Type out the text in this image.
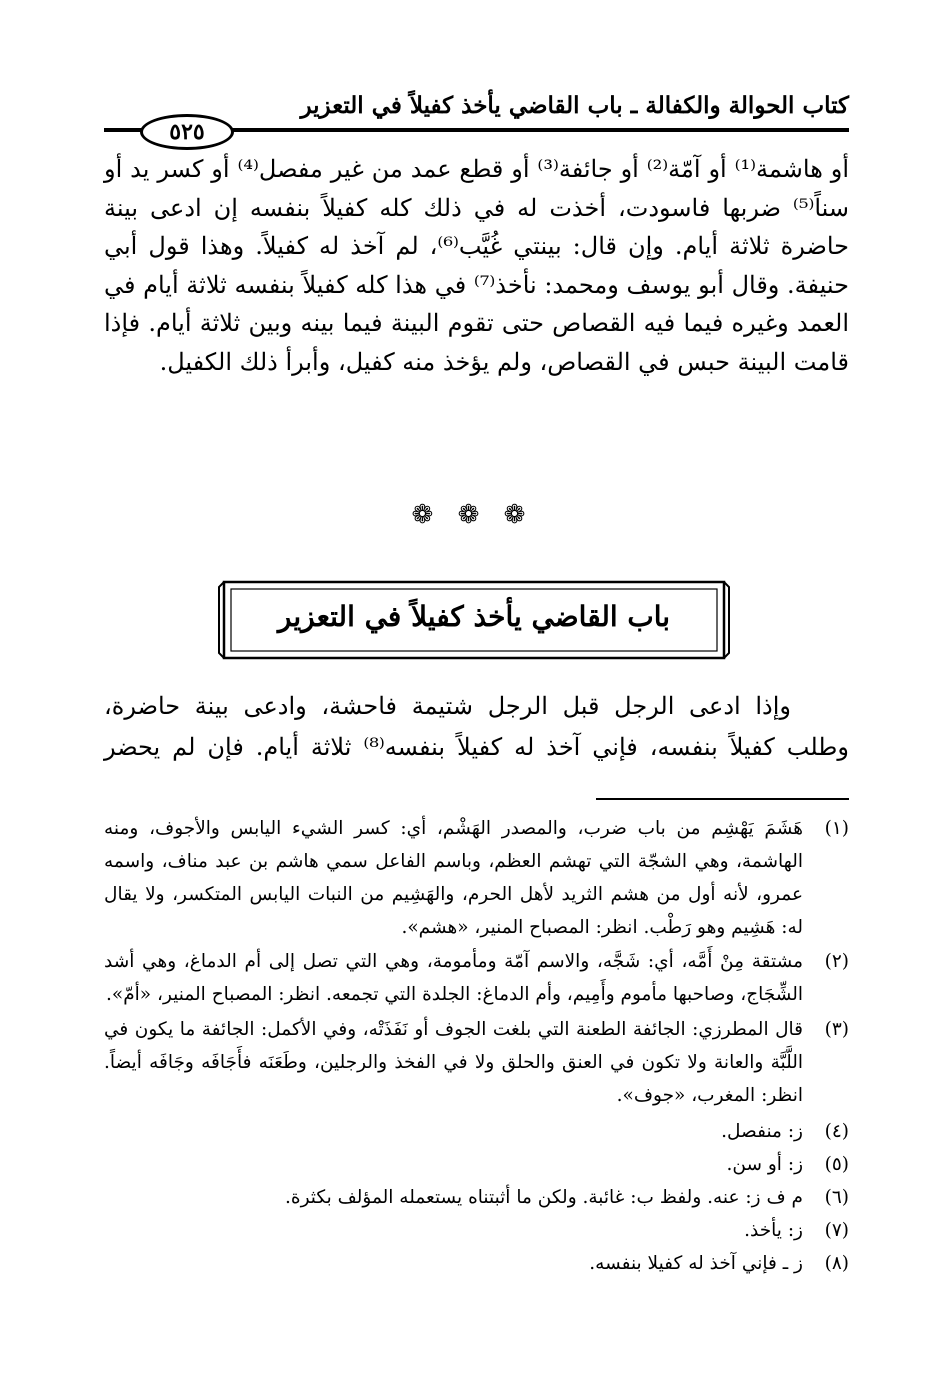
كتاب الحوالة والكفالة ـ باب القاضي يأخذ كفيلاً في التعزير
٥٢٥

أو هاشمة⁽¹⁾ أو آمّة⁽²⁾ أو جائفة⁽³⁾ أو قطع عمد من غير مفصل⁽⁴⁾ أو كسر يد أو سناً⁽⁵⁾ ضربها فاسودت، أخذت له في ذلك كله كفيلاً بنفسه إن ادعى بينة حاضرة ثلاثة أيام. وإن قال: بينتي غُيَّب⁽⁶⁾، لم آخذ له كفيلاً. وهذا قول أبي حنيفة. وقال أبو يوسف ومحمد: نأخذ⁽⁷⁾ في هذا كله كفيلاً بنفسه ثلاثة أيام في العمد وغيره فيما فيه القصاص حتى تقوم البينة فيما بينه وبين ثلاثة أيام. فإذا قامت البينة حبس في القصاص، ولم يؤخذ منه كفيل، وأبرأ ذلك الكفيل.

❁ ❁ ❁
باب القاضي يأخذ كفيلاً في التعزير

وإذا ادعى الرجل قبل الرجل شتيمة فاحشة، وادعى بينة حاضرة، وطلب كفيلاً بنفسه، فإني آخذ له كفيلاً بنفسه⁽⁸⁾ ثلاثة أيام. فإن لم يحضر

(١)
هَشَمَ يَهْشِم من باب ضرب، والمصدر الهَشْم، أي: كسر الشيء اليابس والأجوف، ومنه الهاشمة، وهي الشجّة التي تهشم العظم، وباسم الفاعل سمي هاشم بن عبد مناف، واسمه عمرو، لأنه أول من هشم الثريد لأهل الحرم، والهَشِيم من النبات اليابس المتكسر، ولا يقال له: هَشِيم وهو رَطْب. انظر: المصباح المنير، «هشم».
(٢)
مشتقة مِنْ أَمَّه، أي: شَجَّه، والاسم آمّة ومأمومة، وهي التي تصل إلى أم الدماغ، وهي أشد الشِّجَاج، وصاحبها مأموم وأَمِيم، وأم الدماغ: الجلدة التي تجمعه. انظر: المصباح المنير، «أمّ».
(٣)
قال المطرزي: الجائفة الطعنة التي بلغت الجوف أو نَفَذَتْه، وفي الأكمل: الجائفة ما يكون في اللَّبَّة والعانة ولا تكون في العنق والحلق ولا في الفخذ والرجلين، وطَعَنَه فأَجَافَه وجَافَه أيضاً. انظر: المغرب، «جوف».
(٤)
ز: منفصل.
(٥)
ز: أو سن.
(٦)
م ف ز: عنه. ولفظ ب: غائبة. ولكن ما أثبتناه يستعمله المؤلف بكثرة.
(٧)
ز: يأخذ.
(٨)
ز ـ فإني آخذ له كفيلا بنفسه.
